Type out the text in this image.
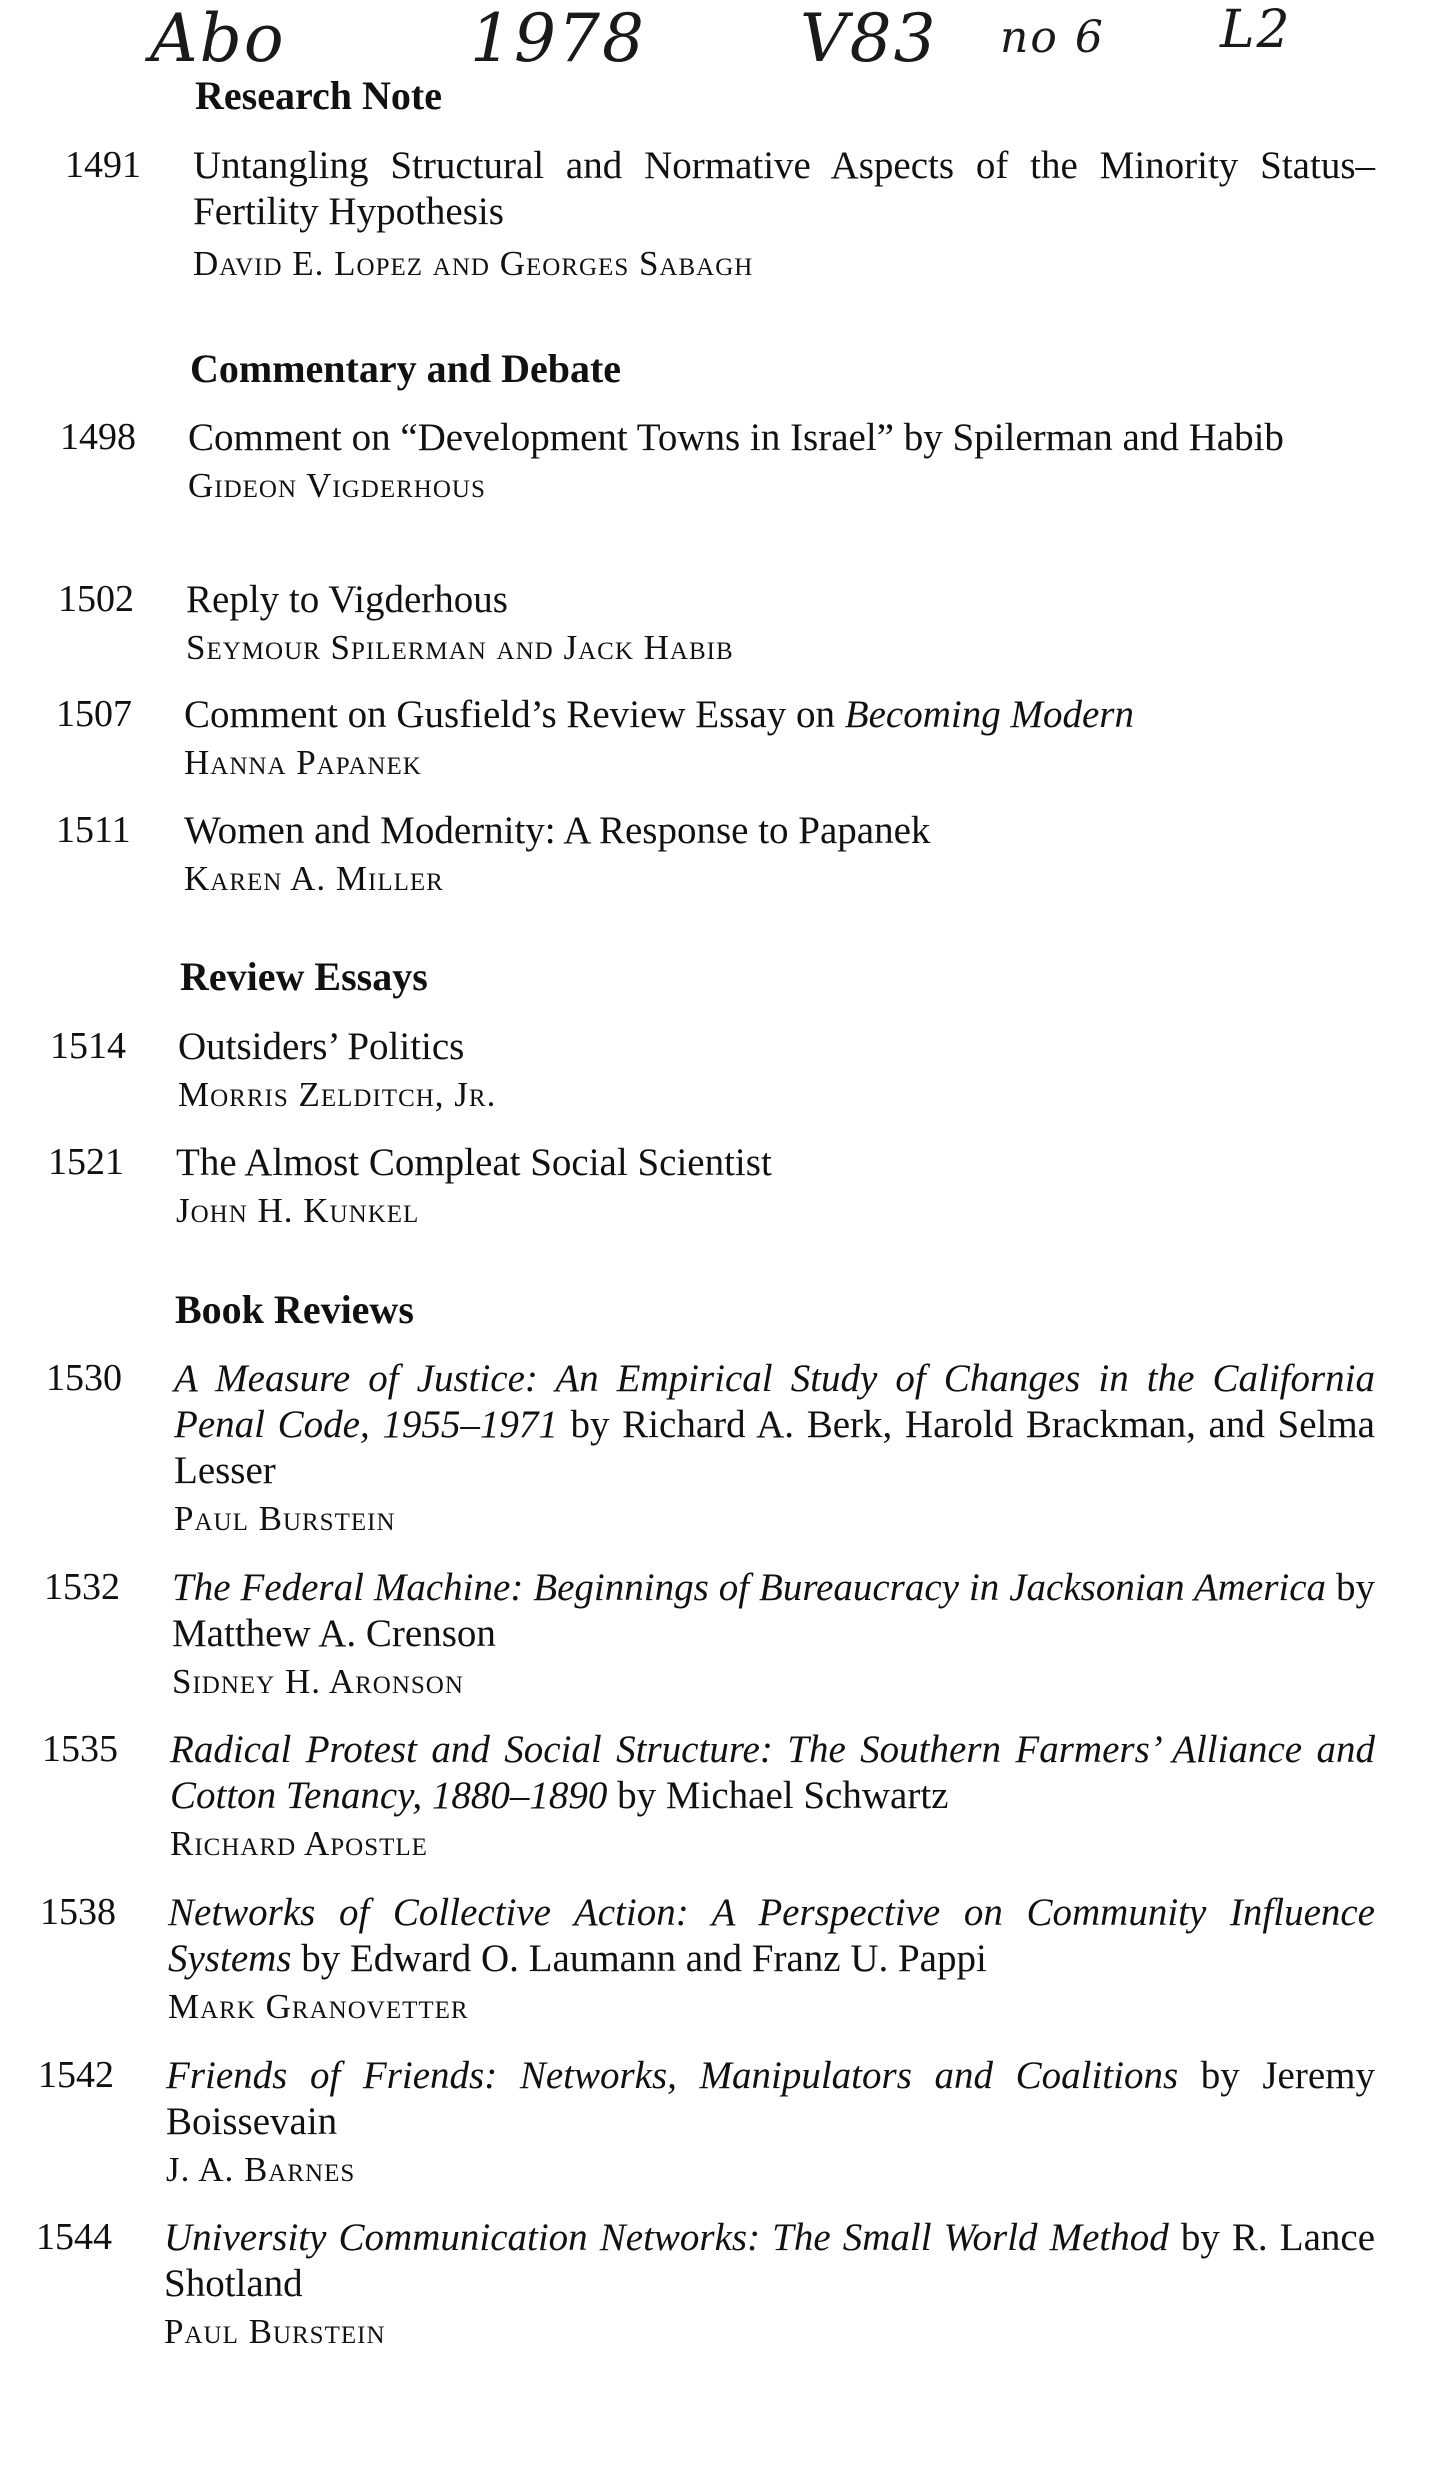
Abo	1978 V83 no 6 L2
Research Note
1491 Untangling Structural and Normative Aspects of the Minority Status–Fertility Hypothesis
David E. Lopez and Georges Sabagh
Commentary and Debate
1498 Comment on “Development Towns in Israel” by Spilerman and Habib
Gideon Vigderhous
1502 Reply to Vigderhous
Seymour Spilerman and Jack Habib
1507 Comment on Gusfield’s Review Essay on Becoming Modern
Hanna Papanek
1511 Women and Modernity: A Response to Papanek
Karen A. Miller
Review Essays
1514 Outsiders’ Politics
Morris Zelditch, Jr.
1521 The Almost Compleat Social Scientist
John H. Kunkel
Book Reviews
1530 A Measure of Justice: An Empirical Study of Changes in the California Penal Code, 1955–1971 by Richard A. Berk, Harold Brackman, and Selma Lesser
Paul Burstein
1532 The Federal Machine: Beginnings of Bureaucracy in Jacksonian America by Matthew A. Crenson
Sidney H. Aronson
1535 Radical Protest and Social Structure: The Southern Farmers’ Alliance and Cotton Tenancy, 1880–1890 by Michael Schwartz
Richard Apostle
1538 Networks of Collective Action: A Perspective on Community Influence Systems by Edward O. Laumann and Franz U. Pappi
Mark Granovetter
1542 Friends of Friends: Networks, Manipulators and Coalitions by Jeremy Boissevain
J. A. Barnes
1544 University Communication Networks: The Small World Method by R. Lance Shotland
Paul Burstein
